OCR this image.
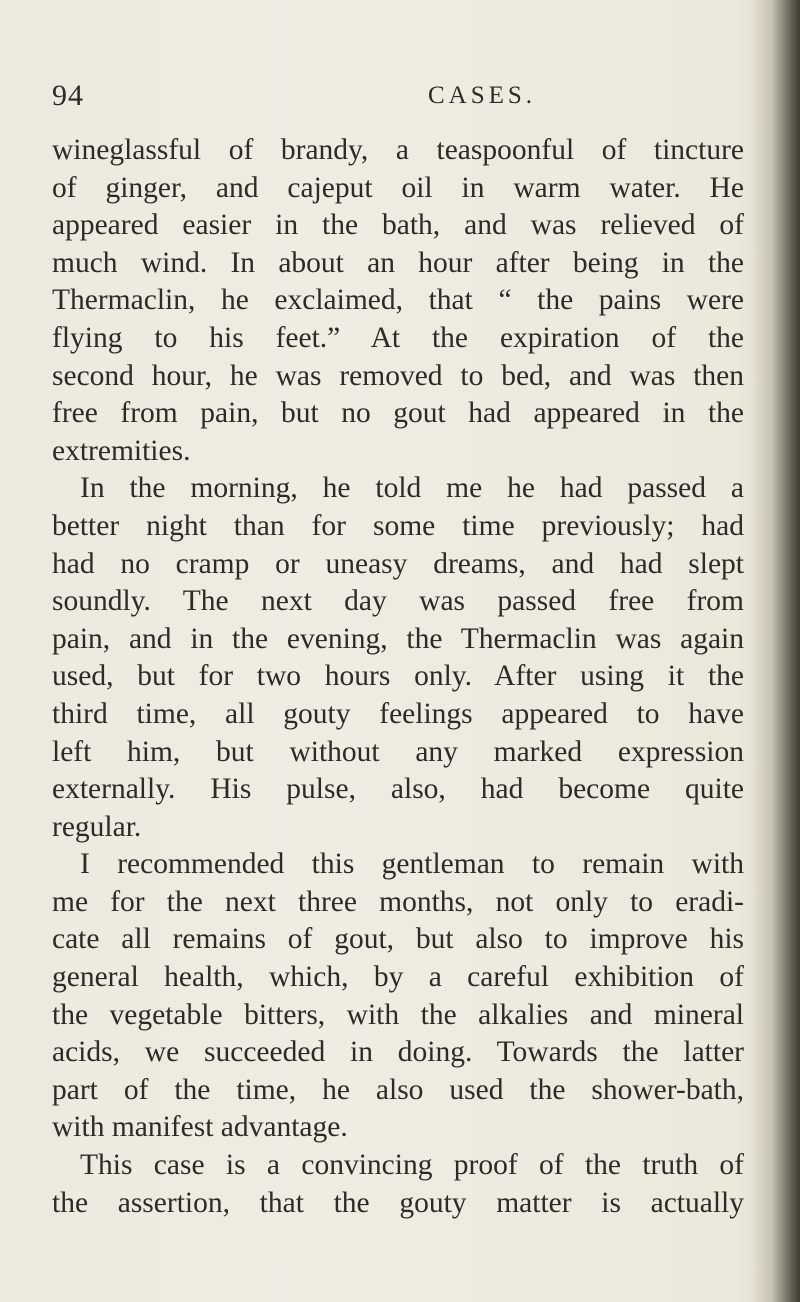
94	CASES.
wineglassful of brandy, a teaspoonful of tincture
of ginger, and cajeput oil in warm water. He
appeared easier in the bath, and was relieved of
much wind. In about an hour after being in the
Thermaclin, he exclaimed, that “ the pains were
flying to his feet.” At the expiration of the
second hour, he was removed to bed, and was then
free from pain, but no gout had appeared in the
extremities.
In the morning, he told me he had passed a
better night than for some time previously; had
had no cramp or uneasy dreams, and had slept
soundly. The next day was passed free from
pain, and in the evening, the Thermaclin was again
used, but for two hours only. After using it the
third time, all gouty feelings appeared to have
left him, but without any marked expression
externally. His pulse, also, had become quite
regular.
I recommended this gentleman to remain with
me for the next three months, not only to eradi-
cate all remains of gout, but also to improve his
general health, which, by a careful exhibition of
the vegetable bitters, with the alkalies and mineral
acids, we succeeded in doing. Towards the latter
part of the time, he also used the shower-bath,
with manifest advantage.
This case is a convincing proof of the truth of
the assertion, that the gouty matter is actually
